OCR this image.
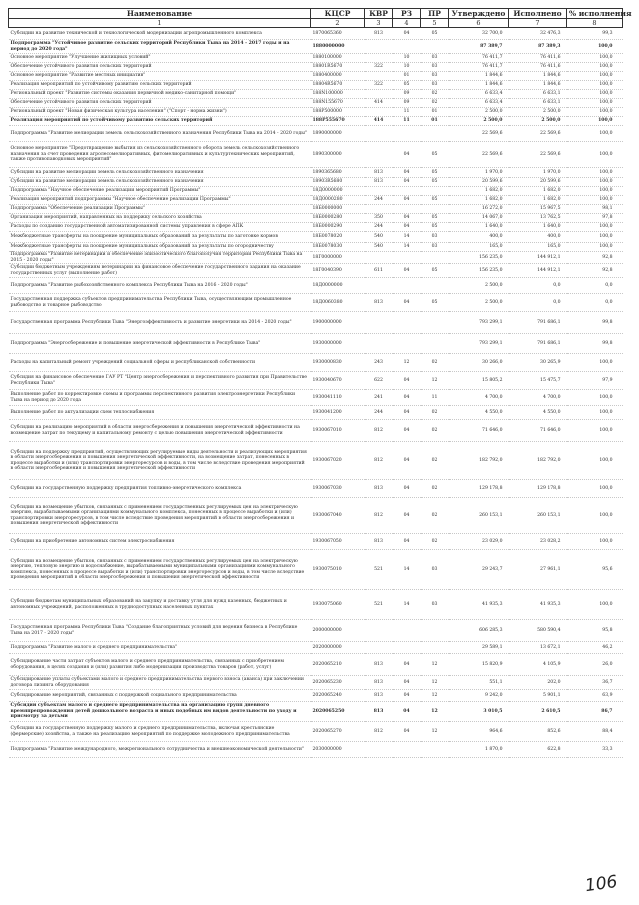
Наименование	КЦСР	КВР	РЗ	ПР	Утверждено	Исполнено	% исполнения
1	2	3	4	5	6	7	8
Субсидии на развитие технической и технологической модернизации агропромышленного комплекса	1870065360	813	04	05	32 700,0	32 476,3	99,3
Подпрограмма "Устойчивое развитие сельских территорий Республики Тыва на 2014 - 2017 годы и на период до 2020 года"	1880000000				87 389,7	87 389,3	100,0
Основное мероприятие "Улучшение жилищных условий"	1880100000		10	03	76 411,7	76 411,6	100,0
Обеспечение устойчивого развития сельских территорий	18801R5670	322	10	03	76 411,7	76 411,6	100,0
Основное мероприятие "Развитие местных инициатив"	1880400000		01	03	1 844,6	1 844,6	100,0
Реализация мероприятий по устойчивому развитию сельских территорий	18804R5670	322	05	03	1 844,6	1 844,6	100,0
Региональный проект "Развитие системы оказания первичной медико-санитарной помощи"	188N100000		09	02	6 633,4	6 633,1	100,0
Обеспечение устойчивого развития сельских территорий	188N155670	414	09	02	6 633,4	6 633,1	100,0
Региональный проект "Новая физическая культура населения" ("Спорт - норма жизни")	188P500000		11	01	2 500,0	2 500,0	100,0
Реализация мероприятий по устойчивому развитию сельских территорий	188P555670	414	11	01	2 500,0	2 500,0	100,0
Подпрограмма "Развитие мелиорации земель сельскохозяйственного назначения Республики Тыва на 2014 - 2020 годы"	1890000000				22 569,6	22 569,6	100,0
Основное мероприятие "Предотвращение выбытия из сельскохозяйственного оборота земель сельскохозяйственного назначения за счет проведения агролесомелиоративных, фитомелиоративных и культуртехнических мероприятий, также противопаводковых мероприятий"	1890300000		04	05	22 569,6	22 569,6	100,0
Субсидии на развитие мелиорации земель сельскохозяйственного назначения	1890365680	813	04	05	1 970,0	1 970,0	100,0
Субсидии на развитие мелиорации земель сельскохозяйственного назначения	18903R5680	813	04	05	20 599,6	20 599,6	100,0
Подпрограмма "Научное обеспечение реализации мероприятий Программы"	18Д0000000				1 682,0	1 682,0	100,0
Реализация мероприятий подпрограммы "Научное обеспечение реализации Программы"	18Д0000280	244	04	05	1 682,0	1 682,0	100,0
Подпрограмма "Обеспечение реализации Программы"	18Б0000000				16 272,0	15 967,5	98,1
Организация мероприятий, направленных на поддержку сельского хозяйства	18Б0000280	350	04	05	14 067,0	13 762,5	97,8
Расходы по созданию государственной автоматизированной системы управления в сфере АПК	18Б0000290	244	04	05	1 640,0	1 640,0	100,0
Межбюджетные трансферты на поощрение муниципальных образований за результаты по заготовке кормов	18Б0078020	540	14	03	400,0	400,0	100,0
Межбюджетные трансферты на поощрение муниципальных образований за результаты по огородничеству	18Б0078030	540	14	03	165,0	165,0	100,0
Подпрограмма "Развитие ветеринарии и обеспечение эпизоотического благополучия территории Республики Тыва на 2015 - 2020 годы"	18Г0000000				156 235,0	144 912,1	92,8
Субсидии бюджетным учреждениям ветеринарии на финансовое обеспечение государственного задания на оказание государственных услуг (выполнение работ)	18Г0040390	611	04	05	156 235,0	144 912,1	92,8
Подпрограмма "Развитие рыбохозяйственного комплекса Республики Тыва на 2016 - 2020 годы"	18Д0000000				2 500,0	0,0	0,0
Государственная поддержка субъектов предпринимательства Республики Тыва, осуществляющим промышленное рыбоводство и товарное рыбоводство	18Д0060380	813	04	05	2 500,0	0,0	0,0
Государственная программа Республики Тыва "Энергоэффективность и развитие энергетики на 2014 - 2020 годы"	1900000000				793 299,1	791 686,1	99,8
Подпрограмма "Энергосбережение и повышение энергетической эффективности в Республике Тыва"	1930000000				793 299,1	791 686,1	99,8
Расходы на капитальный ремонт учреждений социальной сферы и республиканской собственности	1930000830	243	12	02	30 266,0	30 265,9	100,0
Субсидия на финансовое обеспечение ГАУ РТ "Центр энергосбережения и перспективного развития при Правительстве Республики Тыва"	1930040670	622	04	12	15 805,2	15 475,7	97,9
Выполнение работ по корректировке схемы и программы перспективного развития электроэнергетики Республики Тыва на период до 2020 года	1930041110	241	04	11	4 700,0	4 700,0	100,0
Выполнение работ по актуализации схем теплоснабжения	1930041200	244	04	02	4 550,0	4 550,0	100,0
Субсидии на реализацию мероприятий в области энергосбережения и повышения энергетической эффективности на возмещение затрат по текущему и капитальному ремонту с целью повышения энергетической эффективности	1930067010	812	04	02	71 646,0	71 646,0	100,0
Субсидии на поддержку предприятий, осуществляющих регулируемые виды деятельности и реализующих мероприятия в области энергосбережения и повышения энергетической эффективности, на возмещение затрат, понесенных в процессе выработки и (или) транспортировки энергоресурсов и воды, в том числе вследствие проведения мероприятий в области энергосбережения и повышения энергетической эффективности	1930067020	812	04	02	182 792,0	182 792,0	100,0
Субсидии на государственную поддержку предприятия топливно-энергетического комплекса	1930067030	813	04	02	129 178,8	129 178,8	100,0
Субсидии на возмещение убытков, связанных с применением государственных регулируемых цен на электрическую энергию, вырабатываемыми организациями коммунального комплекса, понесенных в процессе выработки и (или) транспортировки энергоресурсов, в том числе вследствие проведения мероприятий в области энергосбережения и повышения энергетической эффективности	1930067040	812	04	02	260 153,1	260 153,1	100,0
Субсидии на приобретение автономных систем электроснабжения	1930067050	813	04	02	23 029,0	23 028,2	100,0
Субсидии на возмещение убытков, связанных с применением государственных регулируемых цен на электрическую энергию, тепловую энергию и водоснабжение, вырабатываемыми муниципальными организациями коммунального комплекса, понесенных в процессе выработки и (или) транспортировки энергоресурсов и воды, в том числе вследствие проведения мероприятий в области энергосбережения и повышения энергетической эффективности	1930075010	521	14	03	29 243,7	27 961,1	95,6
Субсидии бюджетам муниципальных образований на закупку и доставку угля для нужд казенных, бюджетных и автономных учреждений, расположенных в труднодоступных населенных пунктах	1930075060	521	14	03	41 935,3	41 935,3	100,0
Государственная программа Республики Тыва "Создание благоприятных условий для ведения бизнеса в Республике Тыва на 2017 - 2020 годы"	2000000000				606 285,3	580 590,4	95,8
Подпрограмма "Развитие малого и среднего предпринимательства"	2020000000				29 589,1	13 672,1	46,2
Субсидирование части затрат субъектов малого и среднего предпринимательства, связанных с приобретением оборудования, в целях создания и (или) развития либо модернизации производства товаров (работ, услуг)	2020065210	813	04	12	15 820,9	4 105,9	26,0
Субсидирование уплаты субъектами малого и среднего предпринимательства первого взноса (аванса) при заключении договора лизинга оборудования	2020065230	813	04	12	551,1	202,0	36,7
Субсидирование мероприятий, связанных с поддержкой социального предпринимательства	2020065240	813	04	12	9 242,0	5 901,1	63,9
Субсидии субъектам малого и среднего предпринимательства на организацию групп дневного времяпрепровождения детей дошкольного возраста и иных подобных им видов деятельности по уходу и присмотру за детьми	2020065250	813	04	12	3 010,5	2 610,5	86,7
Субсидии на государственную поддержку малого и среднего предпринимательства, включая крестьянские (фермерские) хозяйства, а также на реализацию мероприятий по поддержке молодежного предпринимательства	2020065270	812	04	12	964,6	852,6	88,4
Подпрограмма "Развитие международного, межрегионального сотрудничества и внешнеэкономической деятельности"	2030000000				1 870,0	622,8	33,3
106
